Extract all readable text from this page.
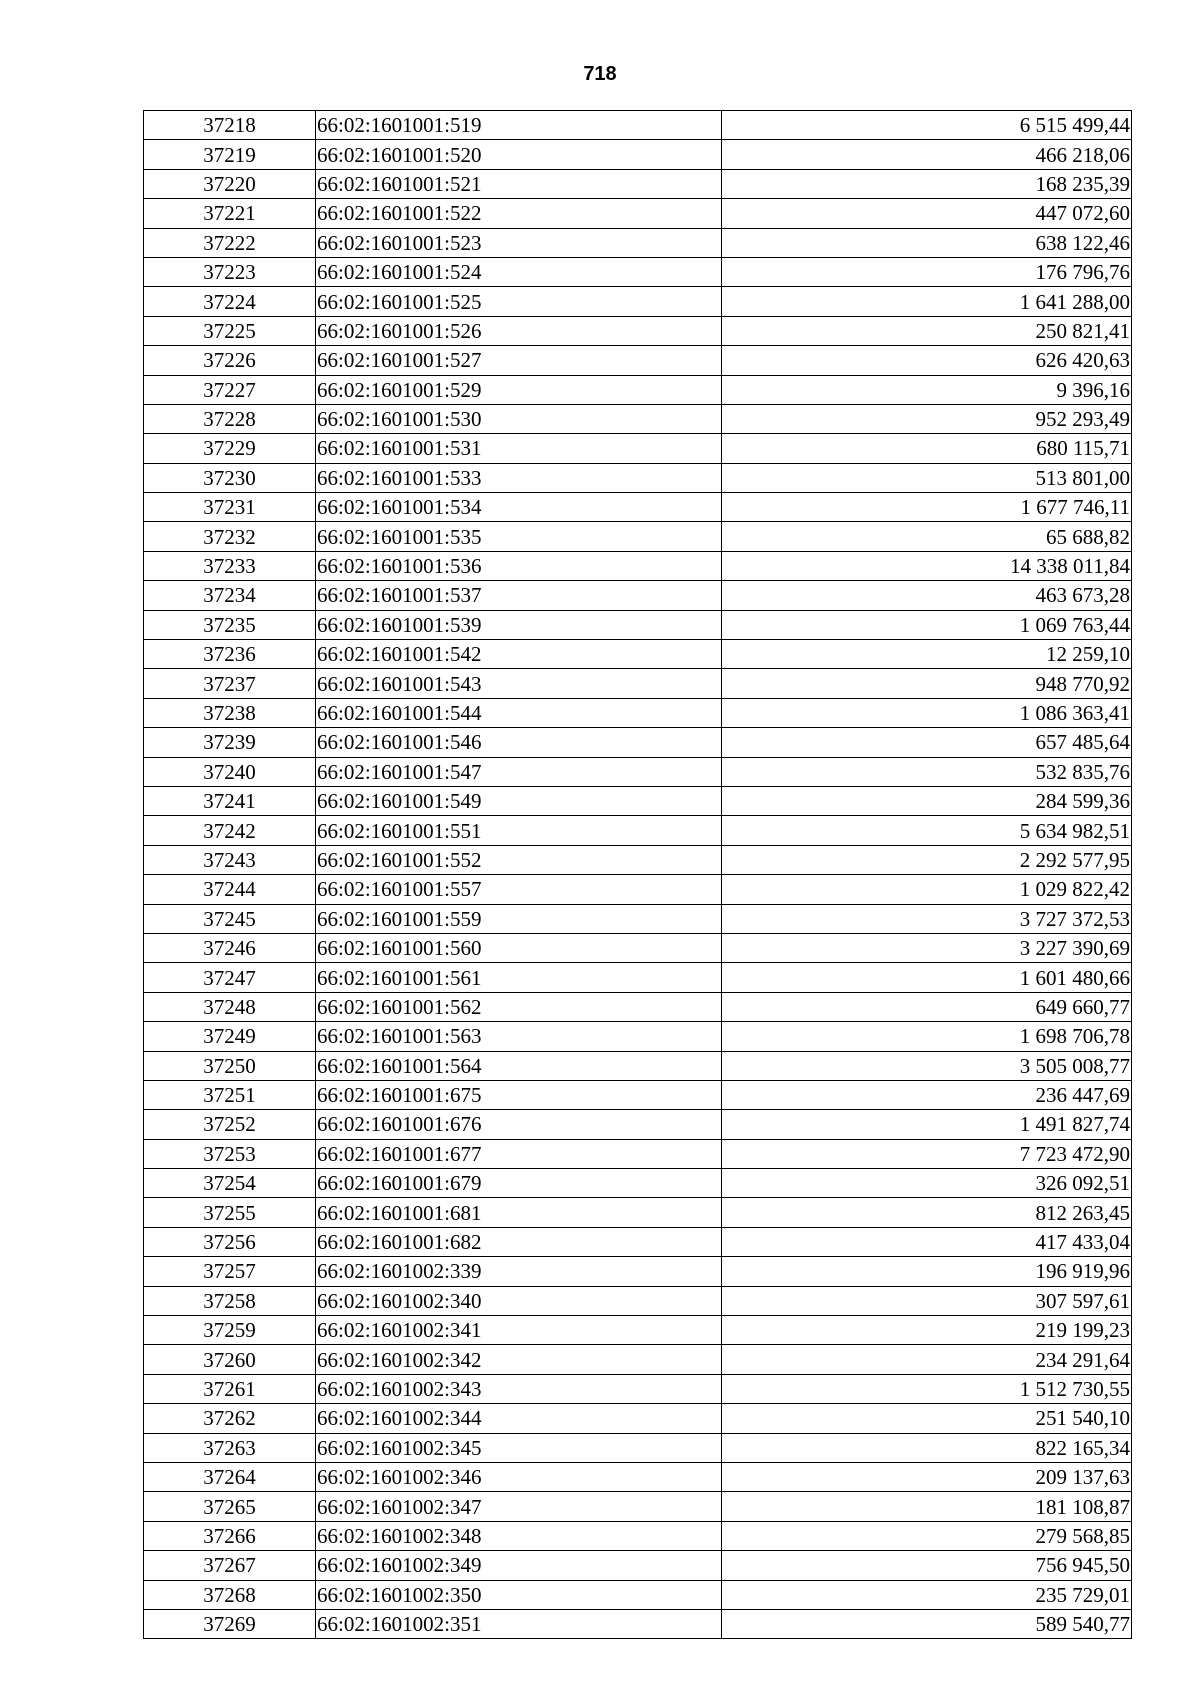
718
37218	66:02:1601001:519	6 515 499,44
37219	66:02:1601001:520	466 218,06
37220	66:02:1601001:521	168 235,39
37221	66:02:1601001:522	447 072,60
37222	66:02:1601001:523	638 122,46
37223	66:02:1601001:524	176 796,76
37224	66:02:1601001:525	1 641 288,00
37225	66:02:1601001:526	250 821,41
37226	66:02:1601001:527	626 420,63
37227	66:02:1601001:529	9 396,16
37228	66:02:1601001:530	952 293,49
37229	66:02:1601001:531	680 115,71
37230	66:02:1601001:533	513 801,00
37231	66:02:1601001:534	1 677 746,11
37232	66:02:1601001:535	65 688,82
37233	66:02:1601001:536	14 338 011,84
37234	66:02:1601001:537	463 673,28
37235	66:02:1601001:539	1 069 763,44
37236	66:02:1601001:542	12 259,10
37237	66:02:1601001:543	948 770,92
37238	66:02:1601001:544	1 086 363,41
37239	66:02:1601001:546	657 485,64
37240	66:02:1601001:547	532 835,76
37241	66:02:1601001:549	284 599,36
37242	66:02:1601001:551	5 634 982,51
37243	66:02:1601001:552	2 292 577,95
37244	66:02:1601001:557	1 029 822,42
37245	66:02:1601001:559	3 727 372,53
37246	66:02:1601001:560	3 227 390,69
37247	66:02:1601001:561	1 601 480,66
37248	66:02:1601001:562	649 660,77
37249	66:02:1601001:563	1 698 706,78
37250	66:02:1601001:564	3 505 008,77
37251	66:02:1601001:675	236 447,69
37252	66:02:1601001:676	1 491 827,74
37253	66:02:1601001:677	7 723 472,90
37254	66:02:1601001:679	326 092,51
37255	66:02:1601001:681	812 263,45
37256	66:02:1601001:682	417 433,04
37257	66:02:1601002:339	196 919,96
37258	66:02:1601002:340	307 597,61
37259	66:02:1601002:341	219 199,23
37260	66:02:1601002:342	234 291,64
37261	66:02:1601002:343	1 512 730,55
37262	66:02:1601002:344	251 540,10
37263	66:02:1601002:345	822 165,34
37264	66:02:1601002:346	209 137,63
37265	66:02:1601002:347	181 108,87
37266	66:02:1601002:348	279 568,85
37267	66:02:1601002:349	756 945,50
37268	66:02:1601002:350	235 729,01
37269	66:02:1601002:351	589 540,77
